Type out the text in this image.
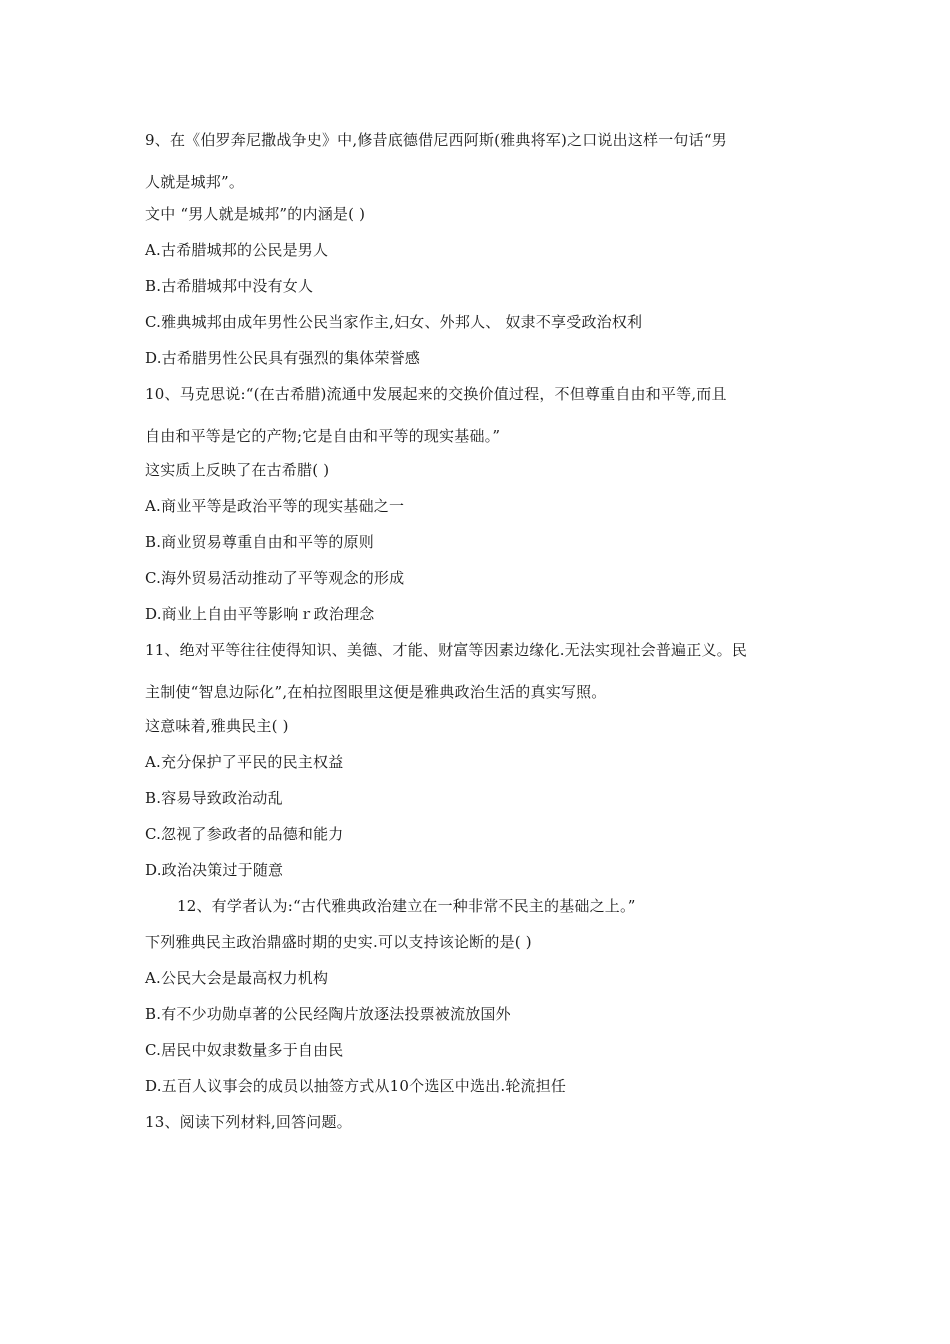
9、在《伯罗奔尼撒战争史》中,修昔底德借尼西阿斯(雅典将军)之口说出这样一句话“男
人就是城邦”。
文中 “男人就是城邦”的内涵是( )
A.古希腊城邦的公民是男人
B.古希腊城邦中没有女人
C.雅典城邦由成年男性公民当家作主,妇女、外邦人、 奴隶不享受政治权利
D.古希腊男性公民具有强烈的集体荣誉感
10、马克思说:“(在古希腊)流通中发展起来的交换价值过程，不但尊重自由和平等,而且
自由和平等是它的产物;它是自由和平等的现实基础。”
这实质上反映了在古希腊( )
A.商业平等是政治平等的现实基础之一
B.商业贸易尊重自由和平等的原则
C.海外贸易活动推动了平等观念的形成
D.商业上自由平等影响ｒ政治理念
11、绝对平等往往使得知识、美德、才能、财富等因素边缘化.无法实现社会普遍正义。民
主制使“智息边际化”,在柏拉图眼里这便是雅典政治生活的真实写照。
这意味着,雅典民主( )
A.充分保护了平民的民主权益
B.容易导致政治动乱
C.忽视了参政者的品德和能力
D.政治决策过于随意
12、有学者认为:“古代雅典政治建立在一种非常不民主的基础之上。”
下列雅典民主政治鼎盛时期的史实.可以支持该论断的是( )
A.公民大会是最高权力机构
B.有不少功勋卓著的公民经陶片放逐法投票被流放国外
C.居民中奴隶数量多于自由民
D.五百人议事会的成员以抽签方式从10个选区中选出.轮流担任
13、阅读下列材料,回答问题。
